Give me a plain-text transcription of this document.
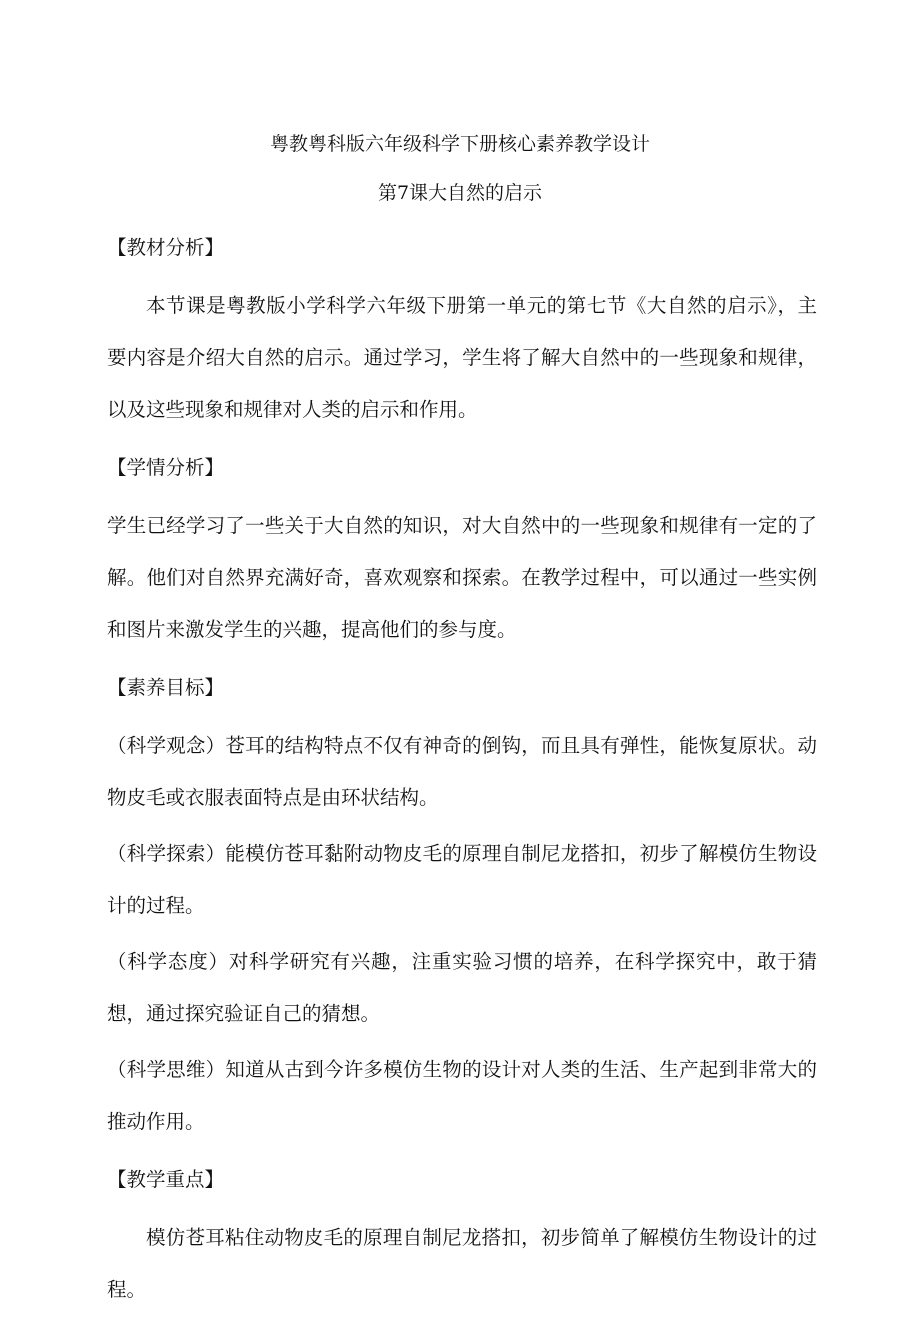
粤教粤科版六年级科学下册核心素养教学设计
第7课大自然的启示
【教材分析】

本节课是粤教版小学科学六年级下册第一单元的第七节《大自然的启示》，主要内容是介绍大自然的启示。通过学习，学生将了解大自然中的一些现象和规律，以及这些现象和规律对人类的启示和作用。

【学情分析】

学生已经学习了一些关于大自然的知识，对大自然中的一些现象和规律有一定的了解。他们对自然界充满好奇，喜欢观察和探索。在教学过程中，可以通过一些实例和图片来激发学生的兴趣，提高他们的参与度。

【素养目标】

（科学观念）苍耳的结构特点不仅有神奇的倒钩，而且具有弹性，能恢复原状。动物皮毛或衣服表面特点是由环状结构。

（科学探索）能模仿苍耳黏附动物皮毛的原理自制尼龙搭扣，初步了解模仿生物设计的过程。

（科学态度）对科学研究有兴趣，注重实验习惯的培养，在科学探究中，敢于猜想，通过探究验证自己的猜想。

（科学思维）知道从古到今许多模仿生物的设计对人类的生活、生产起到非常大的推动作用。

【教学重点】

模仿苍耳粘住动物皮毛的原理自制尼龙搭扣，初步简单了解模仿生物设计的过程。
